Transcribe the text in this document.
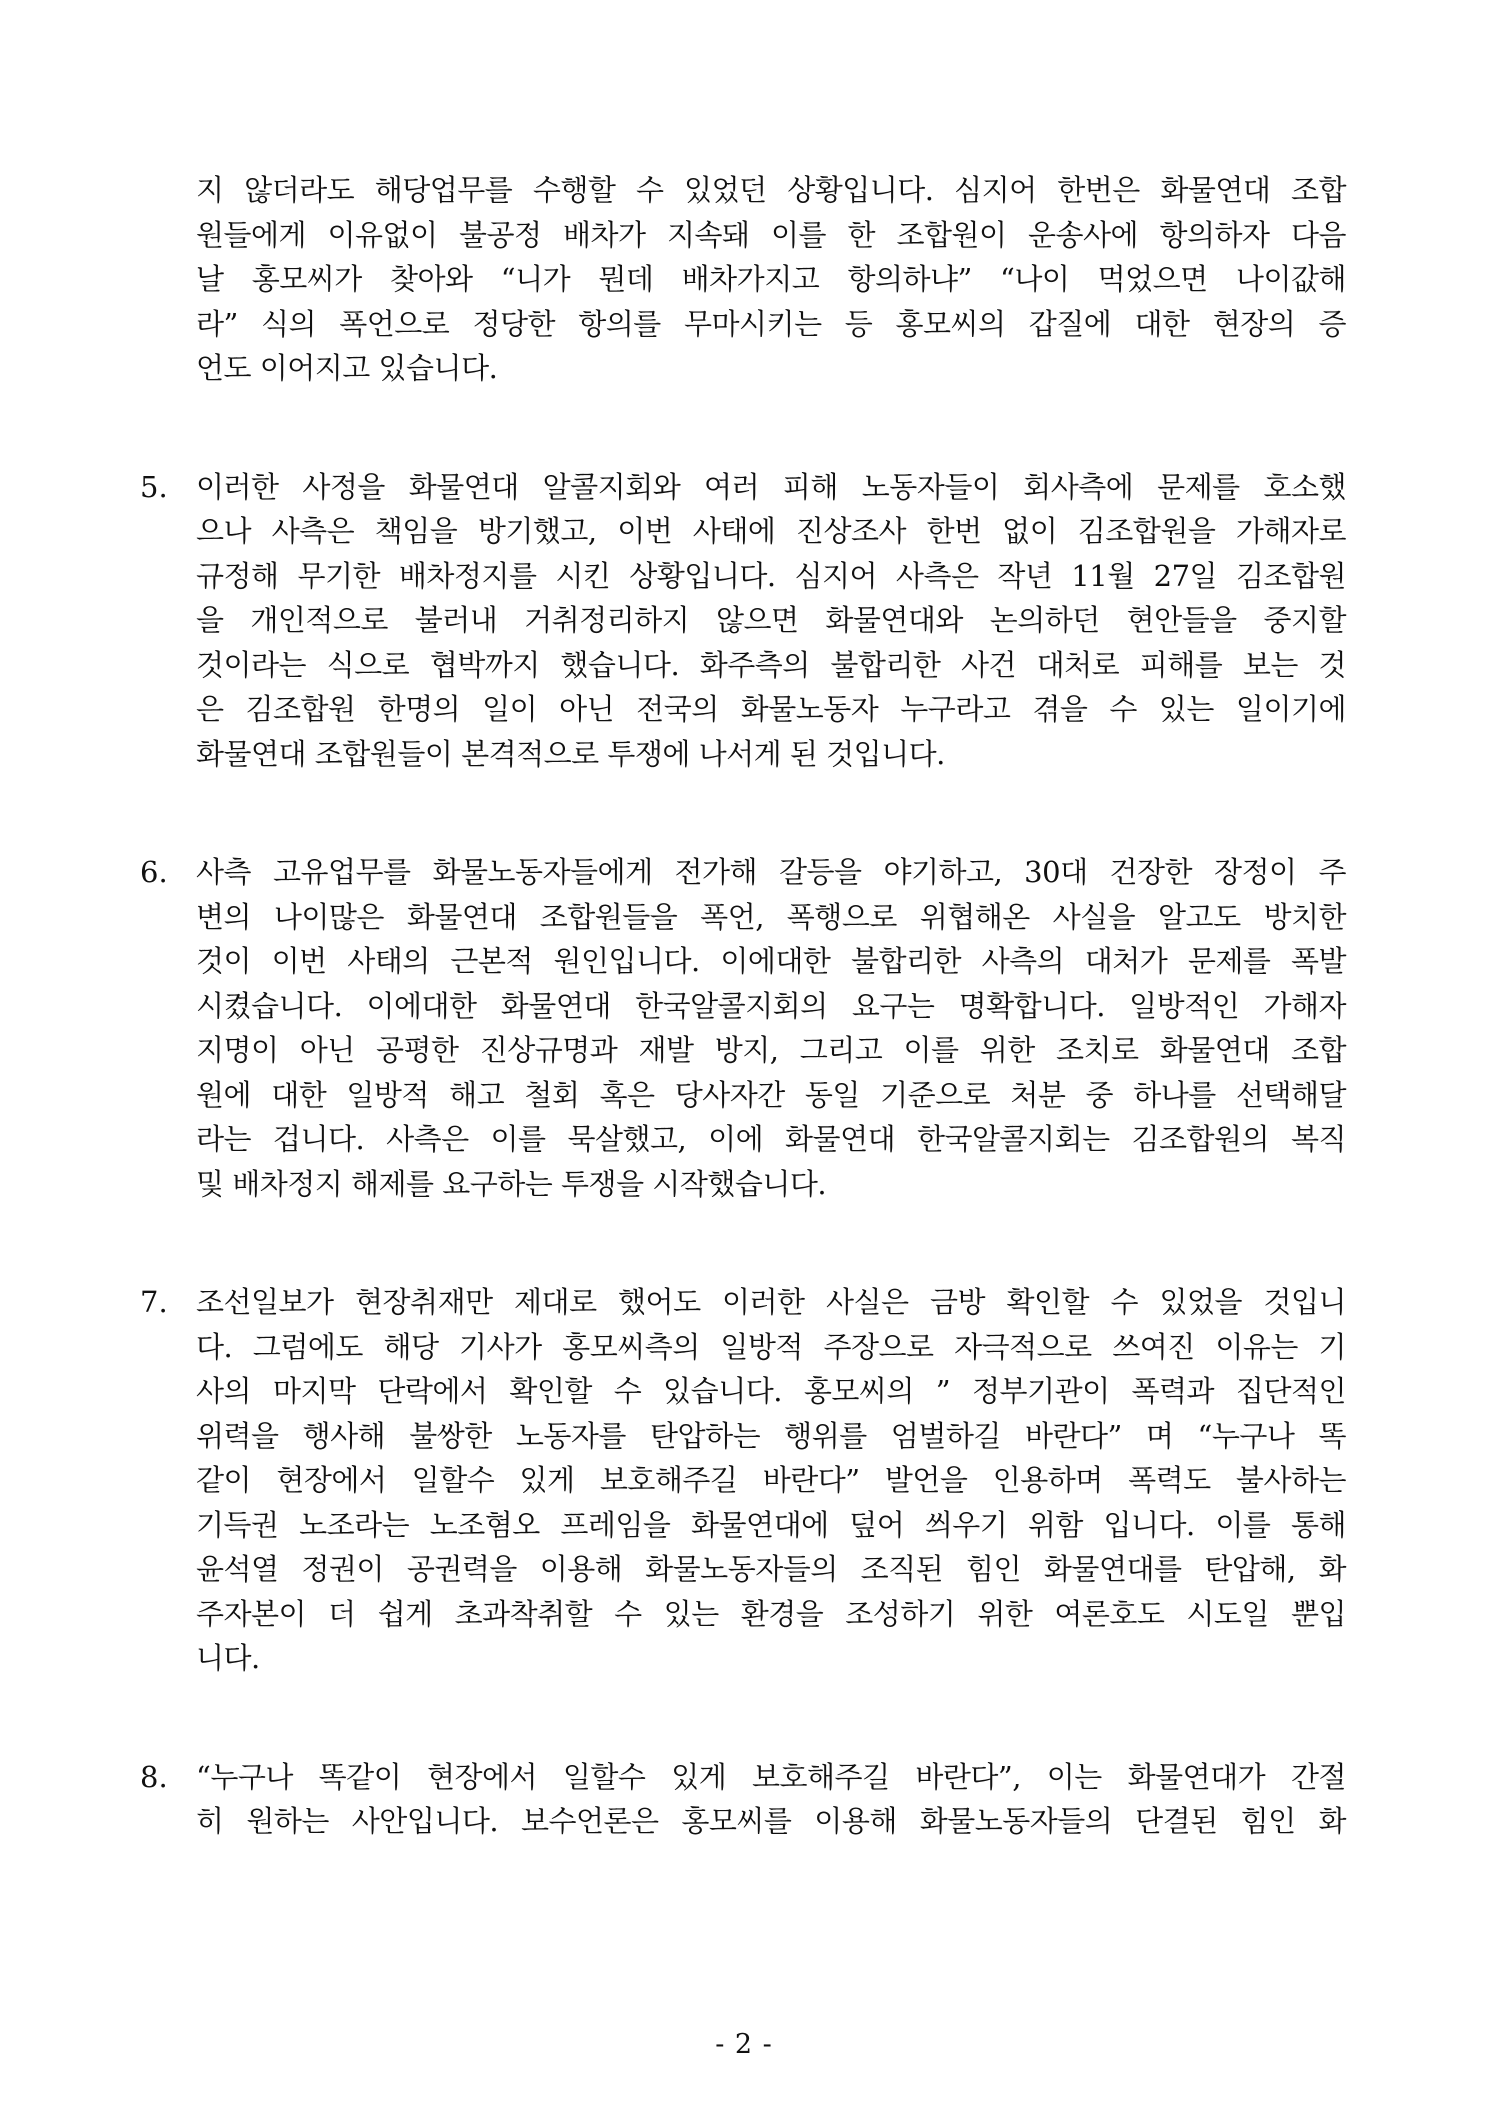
지 않더라도 해당업무를 수행할 수 있었던 상황입니다. 심지어 한번은 화물연대 조합
원들에게 이유없이 불공정 배차가 지속돼 이를 한 조합원이 운송사에 항의하자 다음
날 홍모씨가 찾아와 “니가 뭔데 배차가지고 항의하냐” “나이 먹었으면 나이값해
라” 식의 폭언으로 정당한 항의를 무마시키는 등 홍모씨의 갑질에 대한 현장의 증
언도 이어지고 있습니다.
5. 이러한 사정을 화물연대 알콜지회와 여러 피해 노동자들이 회사측에 문제를 호소했
으나 사측은 책임을 방기했고, 이번 사태에 진상조사 한번 없이 김조합원을 가해자로
규정해 무기한 배차정지를 시킨 상황입니다. 심지어 사측은 작년 11월 27일 김조합원
을 개인적으로 불러내 거취정리하지 않으면 화물연대와 논의하던 현안들을 중지할
것이라는 식으로 협박까지 했습니다. 화주측의 불합리한 사건 대처로 피해를 보는 것
은 김조합원 한명의 일이 아닌 전국의 화물노동자 누구라고 겪을 수 있는 일이기에
화물연대 조합원들이 본격적으로 투쟁에 나서게 된 것입니다.
6. 사측 고유업무를 화물노동자들에게 전가해 갈등을 야기하고, 30대 건장한 장정이 주
변의 나이많은 화물연대 조합원들을 폭언, 폭행으로 위협해온 사실을 알고도 방치한
것이 이번 사태의 근본적 원인입니다. 이에대한 불합리한 사측의 대처가 문제를 폭발
시켰습니다. 이에대한 화물연대 한국알콜지회의 요구는 명확합니다. 일방적인 가해자
지명이 아닌 공평한 진상규명과 재발 방지, 그리고 이를 위한 조치로 화물연대 조합
원에 대한 일방적 해고 철회 혹은 당사자간 동일 기준으로 처분 중 하나를 선택해달
라는 겁니다. 사측은 이를 묵살했고, 이에 화물연대 한국알콜지회는 김조합원의 복직
및 배차정지 해제를 요구하는 투쟁을 시작했습니다.
7. 조선일보가 현장취재만 제대로 했어도 이러한 사실은 금방 확인할 수 있었을 것입니
다. 그럼에도 해당 기사가 홍모씨측의 일방적 주장으로 자극적으로 쓰여진 이유는 기
사의 마지막 단락에서 확인할 수 있습니다. 홍모씨의 ” 정부기관이 폭력과 집단적인
위력을 행사해 불쌍한 노동자를 탄압하는 행위를 엄벌하길 바란다” 며 “누구나 똑
같이 현장에서 일할수 있게 보호해주길 바란다” 발언을 인용하며 폭력도 불사하는
기득권 노조라는 노조혐오 프레임을 화물연대에 덮어 씌우기 위함 입니다. 이를 통해
윤석열 정권이 공권력을 이용해 화물노동자들의 조직된 힘인 화물연대를 탄압해, 화
주자본이 더 쉽게 초과착취할 수 있는 환경을 조성하기 위한 여론호도 시도일 뿐입
니다.
8. “누구나 똑같이 현장에서 일할수 있게 보호해주길 바란다”, 이는 화물연대가 간절
히 원하는 사안입니다. 보수언론은 홍모씨를 이용해 화물노동자들의 단결된 힘인 화
- 2 -
